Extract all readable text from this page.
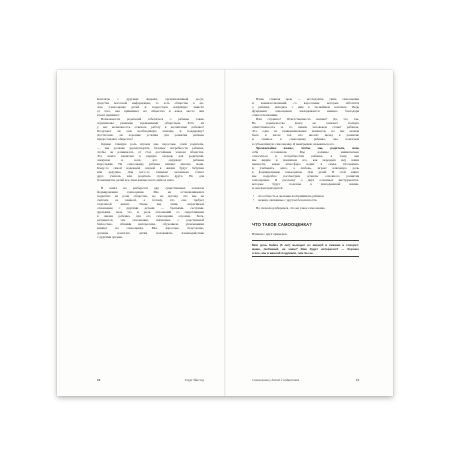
контакты с другими людьми, организованный досуг,
средства массовой информации, то есть общество в це-
лом. Самооценка детей и подростков напрямую зависит
от того, как принимает их общество и какое место они
в нем занимают.
Возможности родителей заботиться о ребенке также
ограничены рамками, задаваемыми обществом. Есть ли
у вас возможность отвечать работу в воспитание ребенка?
Получают ли они необходимую помощь и поддержку?
Достаточно ли хорошие условия для развития ребенка
предоставляет общество?
Однако главную роль играем мы, взрослые, сами родители,
— мы должны удовлетворять базовые потребности ребенка,
чтобы он развивался, от стал достойным членом общества.
Эта книга написана в первую очередь для родителей,
опекунов и всех, кто окружает ребенка
взрослыми. На самооценку ребенка влияют многие люди.
Кому-то самой надежной опорой в жизни будут бабушка
или дедушка. Для кого-то главным человеком станет
друг, учитель или родитель лучшего друга. Но для
большинства детей все-таки важнее всего мама и папа.
В книге не разберется ряд существенных аспектов
формирования самооценки. Мы не останавливаемся
подробно на роли общества, но не потому, что мы не
считаем ее важной, а потому, что она требует
отдельной книги. Также мы лишь затрагиваем
отношения с другими детьми — братьями, сестрами,
друзьями, ведь это и роль отношений со сверстниками
в жизни ребенка, для его самооценки огромна. Хотя,
разумеется, эти отношения, связанные с родственной
близостью, общими интересами, обучением, увлечениями
влияют на самооценку. Мы, взрослые, безусловно,
должны помогать детям налаживать взаимодействие
с другими детьми.
10	Гарді Эйестад
Наша главная цель — исследовать связь самооценки
и взаимоотношений со взрослыми, которые заботятся
о ребенке, находясь с ним в теснейшем контакте. Ведь
фундамент самооценки закладывается именно благодаря
этим отношениям.
Вам страшно? Ответственность велика? Да, это так.
Но родительство вовсе не означает полную
ответственность за то, каким человеком станет ребенок.
Это одна из принципиальных моментов, но мы можем
быть в числе тех, кто вносит вклад в развитие
и главное в самооценку ребенка, мы помогаем
в субъективную самооценку. Я выигрываю называться его.
Чрезвычайно важно, чтобы мы, родители, ясно
себя осознавали. Мы должны внимательно
относиться к потребностям ребенка, к тому, как
мы видим и понимаем его, как передаем ему наши
ценности, какая атмосфера царит в семье. Осознавать
и учитывать одно, а любовь, играет ключевую роль
в формировании самооценки. Для детей. В этой книге
мы подробно рассмотрим аспекты основного развития
самооценки. Я расскажу о двух основных инструментах,
которые будут полезны в повседневной жизни,
и они вам пригодятся:
• способность и желание воспринимать ребенка;
• знания, связанные с другом безопасности.
Но сначала разберемся, что же такое самооценка.
ЧТО ТАКОЕ САМООЦЕНКА?
Начнем с двух примеров.
Моя дочь Кайса (5 лет) выходит из ванной в пижаме и говорит:
мама, любимый, не знаю? Вам будет интересно? — Хорошо
и все, мы в ванной подумали, чем бы ее.
Самооценка у детей и подростков	11
